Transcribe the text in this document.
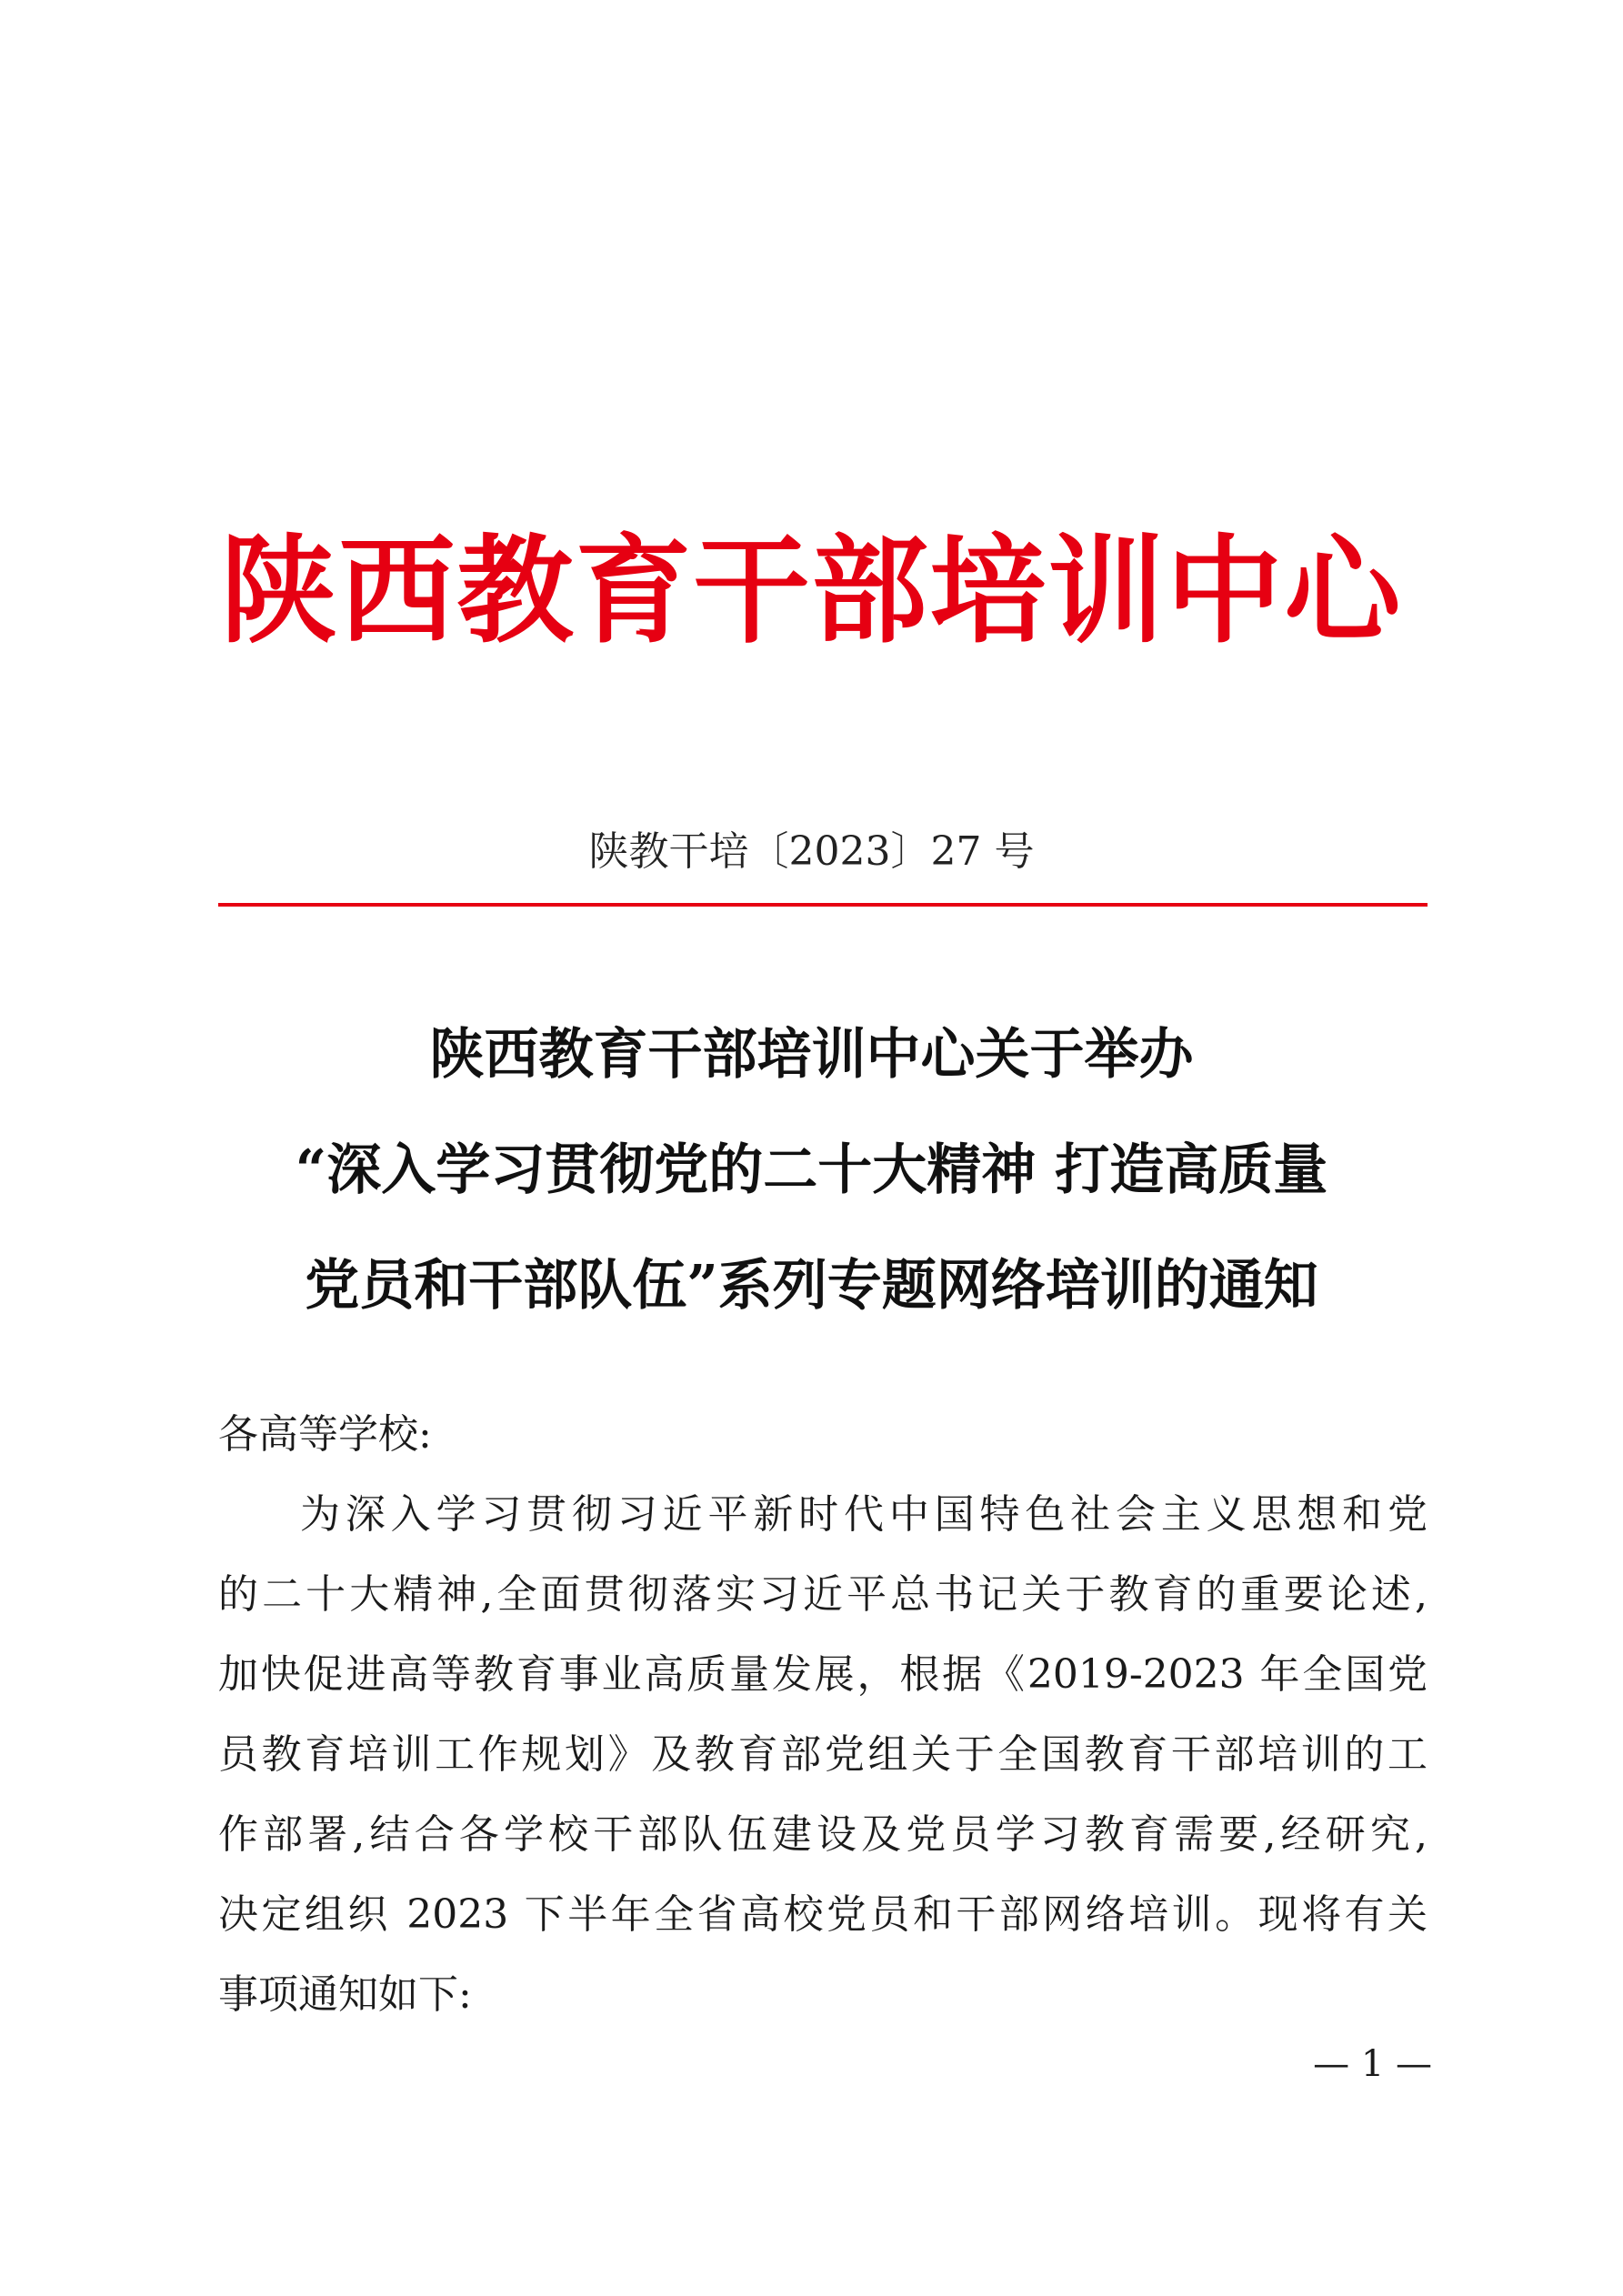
陕西教育干部培训中心
陕教干培〔2023〕27 号
陕西教育干部培训中心关于举办
“深入学习贯彻党的二十大精神 打造高质量
党员和干部队伍”系列专题网络培训的通知
各高等学校:
为深入学习贯彻习近平新时代中国特色社会主义思想和党
的二十大精神,全面贯彻落实习近平总书记关于教育的重要论述,
加快促进高等教育事业高质量发展，根据《2019-2023 年全国党
员教育培训工作规划》及教育部党组关于全国教育干部培训的工
作部署,结合各学校干部队伍建设及党员学习教育需要,经研究,
决定组织 2023 下半年全省高校党员和干部网络培训。现将有关
事项通知如下:
— 1 —
